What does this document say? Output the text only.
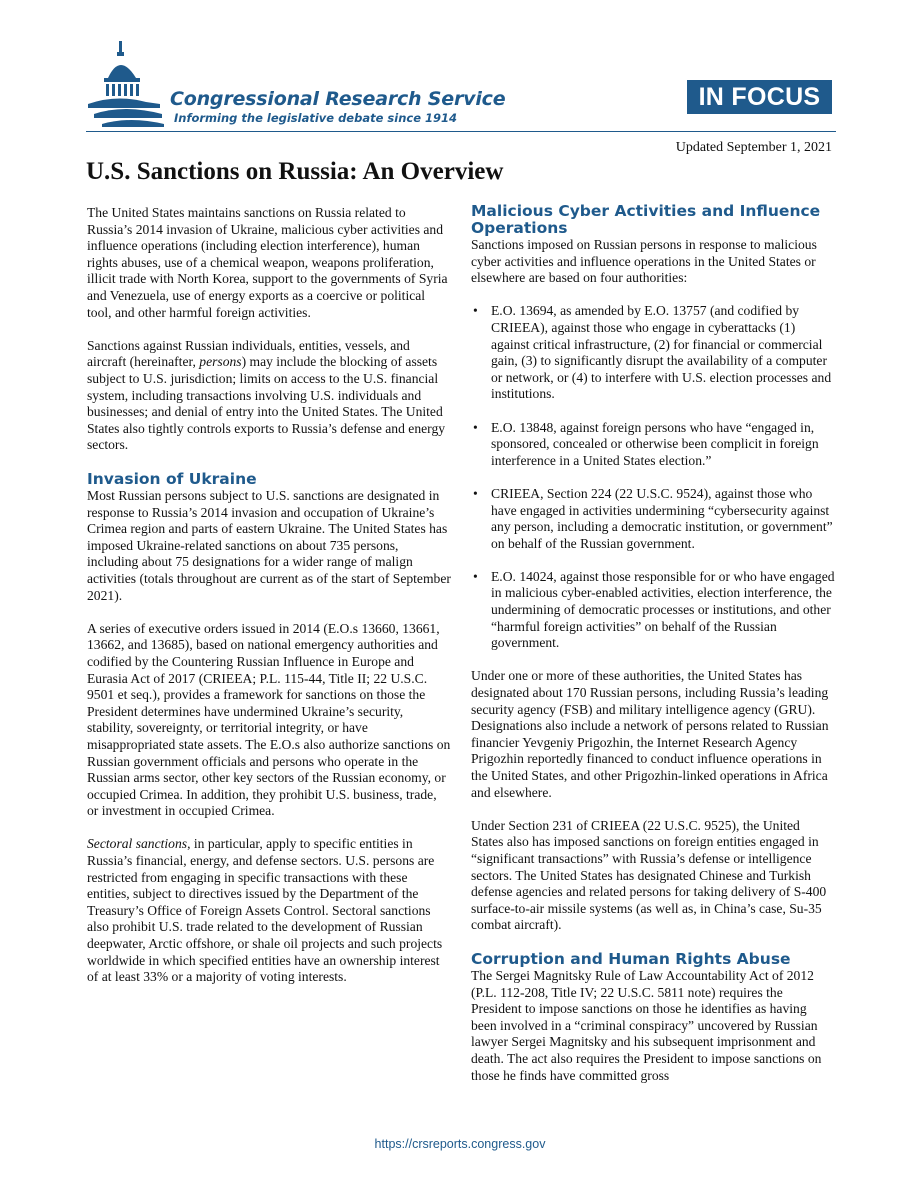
Congressional Research Service
Informing the legislative debate since 1914
IN FOCUS
Updated September 1, 2021
U.S. Sanctions on Russia: An Overview

The United States maintains sanctions on Russia related to Russia’s 2014 invasion of Ukraine, malicious cyber activities and influence operations (including election interference), human rights abuses, use of a chemical weapon, weapons proliferation, illicit trade with North Korea, support to the governments of Syria and Venezuela, use of energy exports as a coercive or political tool, and other harmful foreign activities.

Sanctions against Russian individuals, entities, vessels, and aircraft (hereinafter, persons) may include the blocking of assets subject to U.S. jurisdiction; limits on access to the U.S. financial system, including transactions involving U.S. individuals and businesses; and denial of entry into the United States. The United States also tightly controls exports to Russia’s defense and energy sectors.

Invasion of Ukraine

Most Russian persons subject to U.S. sanctions are designated in response to Russia’s 2014 invasion and occupation of Ukraine’s Crimea region and parts of eastern Ukraine. The United States has imposed Ukraine-related sanctions on about 735 persons, including about 75 designations for a wider range of malign activities (totals throughout are current as of the start of September 2021).

A series of executive orders issued in 2014 (E.O.s 13660, 13661, 13662, and 13685), based on national emergency authorities and codified by the Countering Russian Influence in Europe and Eurasia Act of 2017 (CRIEEA; P.L. 115-44, Title II; 22 U.S.C. 9501 et seq.), provides a framework for sanctions on those the President determines have undermined Ukraine’s security, stability, sovereignty, or territorial integrity, or have misappropriated state assets. The E.O.s also authorize sanctions on Russian government officials and persons who operate in the Russian arms sector, other key sectors of the Russian economy, or occupied Crimea. In addition, they prohibit U.S. business, trade, or investment in occupied Crimea.

Sectoral sanctions, in particular, apply to specific entities in Russia’s financial, energy, and defense sectors. U.S. persons are restricted from engaging in specific transactions with these entities, subject to directives issued by the Department of the Treasury’s Office of Foreign Assets Control. Sectoral sanctions also prohibit U.S. trade related to the development of Russian deepwater, Arctic offshore, or shale oil projects and such projects worldwide in which specified entities have an ownership interest of at least 33% or a majority of voting interests.

Malicious Cyber Activities and Influence Operations

Sanctions imposed on Russian persons in response to malicious cyber activities and influence operations in the United States or elsewhere are based on four authorities:

• E.O. 13694, as amended by E.O. 13757 (and codified by CRIEEA), against those who engage in cyberattacks (1) against critical infrastructure, (2) for financial or commercial gain, (3) to significantly disrupt the availability of a computer or network, or (4) to interfere with U.S. election processes and institutions.
• E.O. 13848, against foreign persons who have “engaged in, sponsored, concealed or otherwise been complicit in foreign interference in a United States election.”
• CRIEEA, Section 224 (22 U.S.C. 9524), against those who have engaged in activities undermining “cybersecurity against any person, including a democratic institution, or government” on behalf of the Russian government.
• E.O. 14024, against those responsible for or who have engaged in malicious cyber-enabled activities, election interference, the undermining of democratic processes or institutions, and other “harmful foreign activities” on behalf of the Russian government.

Under one or more of these authorities, the United States has designated about 170 Russian persons, including Russia’s leading security agency (FSB) and military intelligence agency (GRU). Designations also include a network of persons related to Russian financier Yevgeniy Prigozhin, the Internet Research Agency Prigozhin reportedly financed to conduct influence operations in the United States, and other Prigozhin-linked operations in Africa and elsewhere.

Under Section 231 of CRIEEA (22 U.S.C. 9525), the United States also has imposed sanctions on foreign entities engaged in “significant transactions” with Russia’s defense or intelligence sectors. The United States has designated Chinese and Turkish defense agencies and related persons for taking delivery of S-400 surface-to-air missile systems (as well as, in China’s case, Su-35 combat aircraft).

Corruption and Human Rights Abuse

The Sergei Magnitsky Rule of Law Accountability Act of 2012 (P.L. 112-208, Title IV; 22 U.S.C. 5811 note) requires the President to impose sanctions on those he identifies as having been involved in a “criminal conspiracy” uncovered by Russian lawyer Sergei Magnitsky and his subsequent imprisonment and death. The act also requires the President to impose sanctions on those he finds have committed gross

https://crsreports.congress.gov
